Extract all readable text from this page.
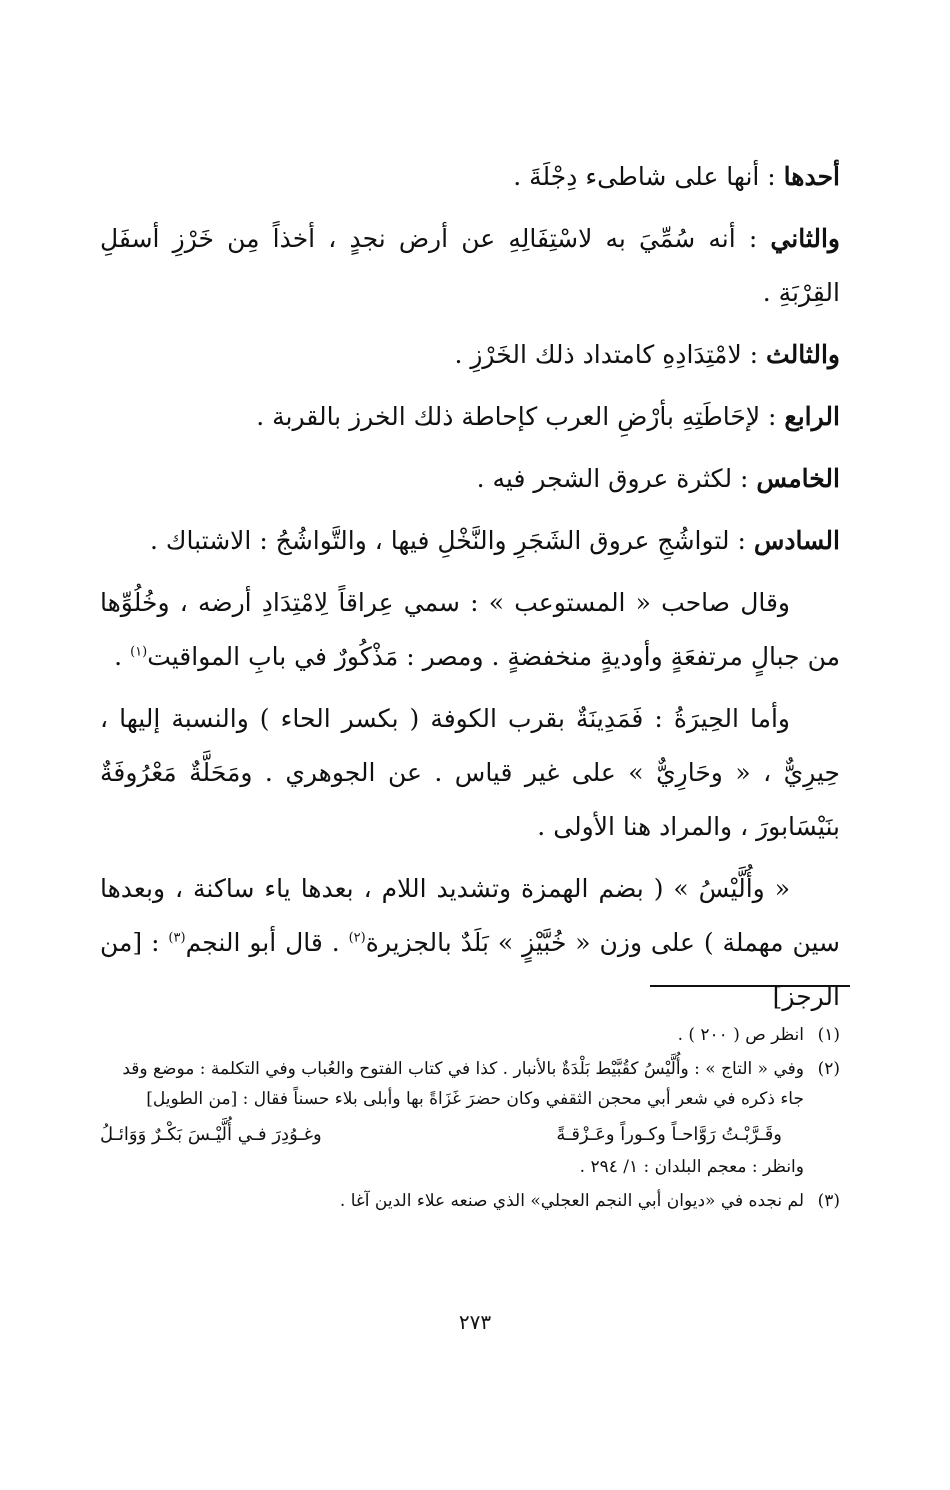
أحدها : أنها على شاطىء دِجْلَةَ .

والثاني : أنه سُمِّيَ به لاسْتِفَالِهِ عن أرض نجدٍ ، أخذاً مِن خَرْزِ أسفَلِ القِرْبَةِ .

والثالث : لامْتِدَادِهِ كامتداد ذلك الخَرْزِ .

الرابع : لإحَاطَتِهِ بأرْضِ العرب كإحاطة ذلك الخرز بالقربة .

الخامس : لكثرة عروق الشجر فيه .

السادس : لتواشُجِ عروق الشَجَرِ والنَّخْلِ فيها ، والتَّواشُجُ : الاشتباك .

وقال صاحب « المستوعب » : سمي عِراقاً لِامْتِدَادِ أرضه ، وخُلُوِّها من جبالٍ مرتفعَةٍ وأوديةٍ منخفضةٍ . ومصر : مَذْكُورٌ في بابِ المواقيت$^{(١)}$ .

وأما الحِيرَةُ : فَمَدِينَةٌ بقرب الكوفة ( بكسر الحاء ) والنسبة إليها ، حِيرِيٌّ ، « وحَارِيٌّ » على غير قياس . عن الجوهري . ومَحَلَّةٌ مَعْرُوفَةٌ بنَيْسَابورَ ، والمراد هنا الأولى .

« وأُلَّيْسُ » ( بضم الهمزة وتشديد اللام ، بعدها ياء ساكنة ، وبعدها سين مهملة ) على وزن « خُبَّيْزٍ » بَلَدٌ بالجزيرة$^{(٢)}$ . قال أبو النجم$^{(٣)}$ : [من الرجز]

(١)
انظر ص ( ٢٠٠ ) .
(٢)
وفي « التاج » : وأُلَّيْسُ كقُبَّيْط بَلْدَةٌ بالأنبار . كذا في كتاب الفتوح والعُباب وفي التكلمة : موضع وقد جاء ذكره في شعر أبي محجن الثقفي وكان حضرَ غَزَاةً بها وأبلى بلاء حسناً فقال : [من الطويل]
وقَـرَّبْـتُ رَوَّاحـاً وكـوراً وعَـزْقـةً
وغـوُدِرَ فـي أُلَّيْـسَ بَكْـرٌ وَوَائـلُ
وانظر : معجم البلدان : ١/ ٢٩٤ .
(٣)
لم نجده في «ديوان أبي النجم العجلي» الذي صنعه علاء الدين آغا .
٢٧٣
